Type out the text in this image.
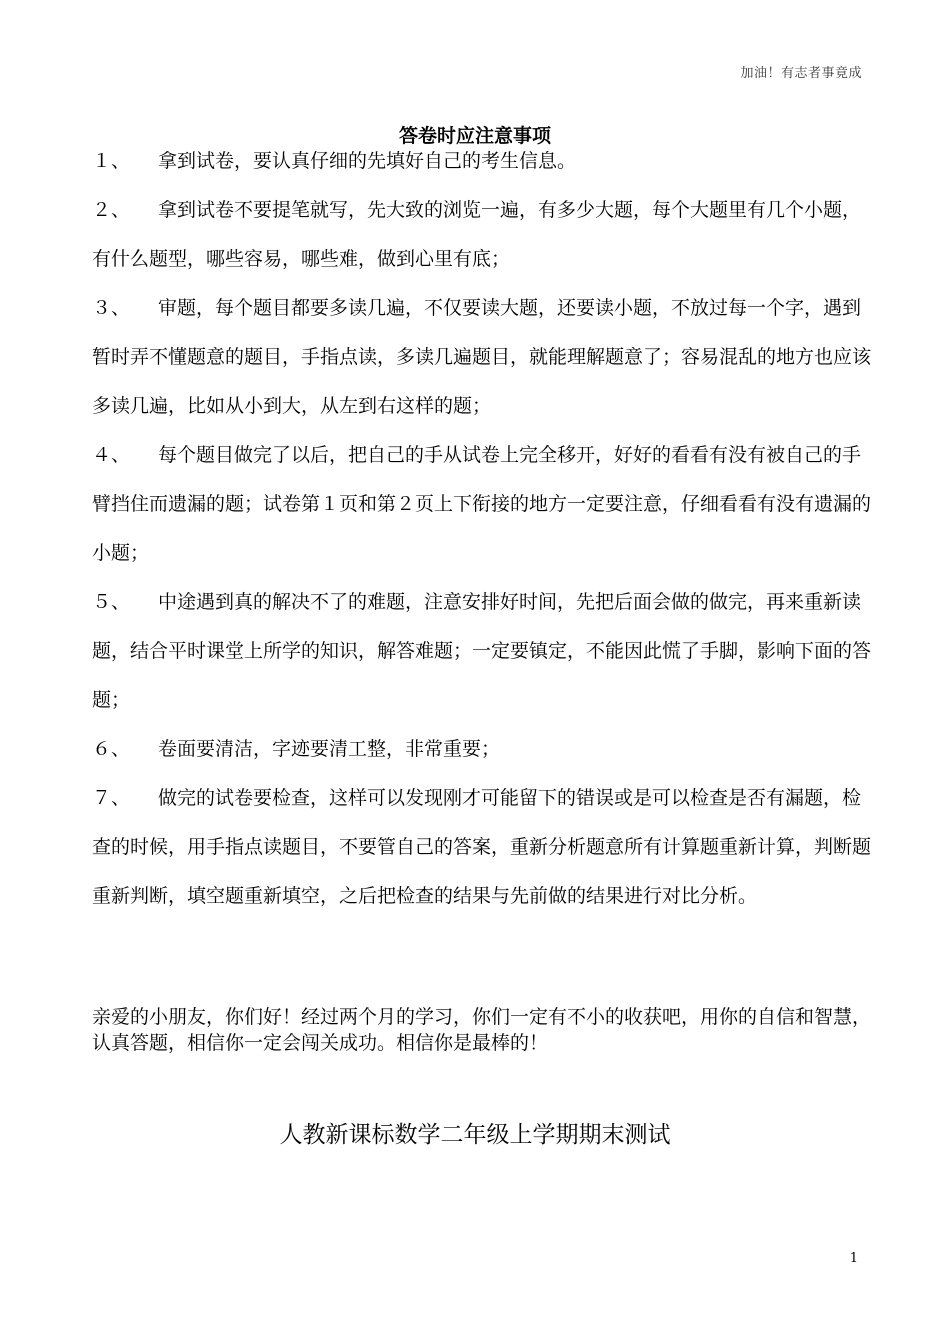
加油！有志者事竟成
答卷时应注意事项

１、 拿到试卷，要认真仔细的先填好自己的考生信息。

２、 拿到试卷不要提笔就写，先大致的浏览一遍，有多少大题，每个大题里有几个小题，有什么题型，哪些容易，哪些难，做到心里有底；

３、 审题，每个题目都要多读几遍，不仅要读大题，还要读小题，不放过每一个字，遇到暂时弄不懂题意的题目，手指点读，多读几遍题目，就能理解题意了；容易混乱的地方也应该多读几遍，比如从小到大，从左到右这样的题；

４、 每个题目做完了以后，把自己的手从试卷上完全移开，好好的看看有没有被自己的手臂挡住而遗漏的题；试卷第１页和第２页上下衔接的地方一定要注意，仔细看看有没有遗漏的小题；

５、 中途遇到真的解决不了的难题，注意安排好时间，先把后面会做的做完，再来重新读题，结合平时课堂上所学的知识，解答难题；一定要镇定，不能因此慌了手脚，影响下面的答题；

６、 卷面要清洁，字迹要清工整，非常重要；

７、 做完的试卷要检查，这样可以发现刚才可能留下的错误或是可以检查是否有漏题，检查的时候，用手指点读题目，不要管自己的答案，重新分析题意所有计算题重新计算，判断题重新判断，填空题重新填空，之后把检查的结果与先前做的结果进行对比分析。

亲爱的小朋友，你们好！经过两个月的学习，你们一定有不小的收获吧，用你的自信和智慧，认真答题，相信你一定会闯关成功。相信你是最棒的！
人教新课标数学二年级上学期期末测试
1
